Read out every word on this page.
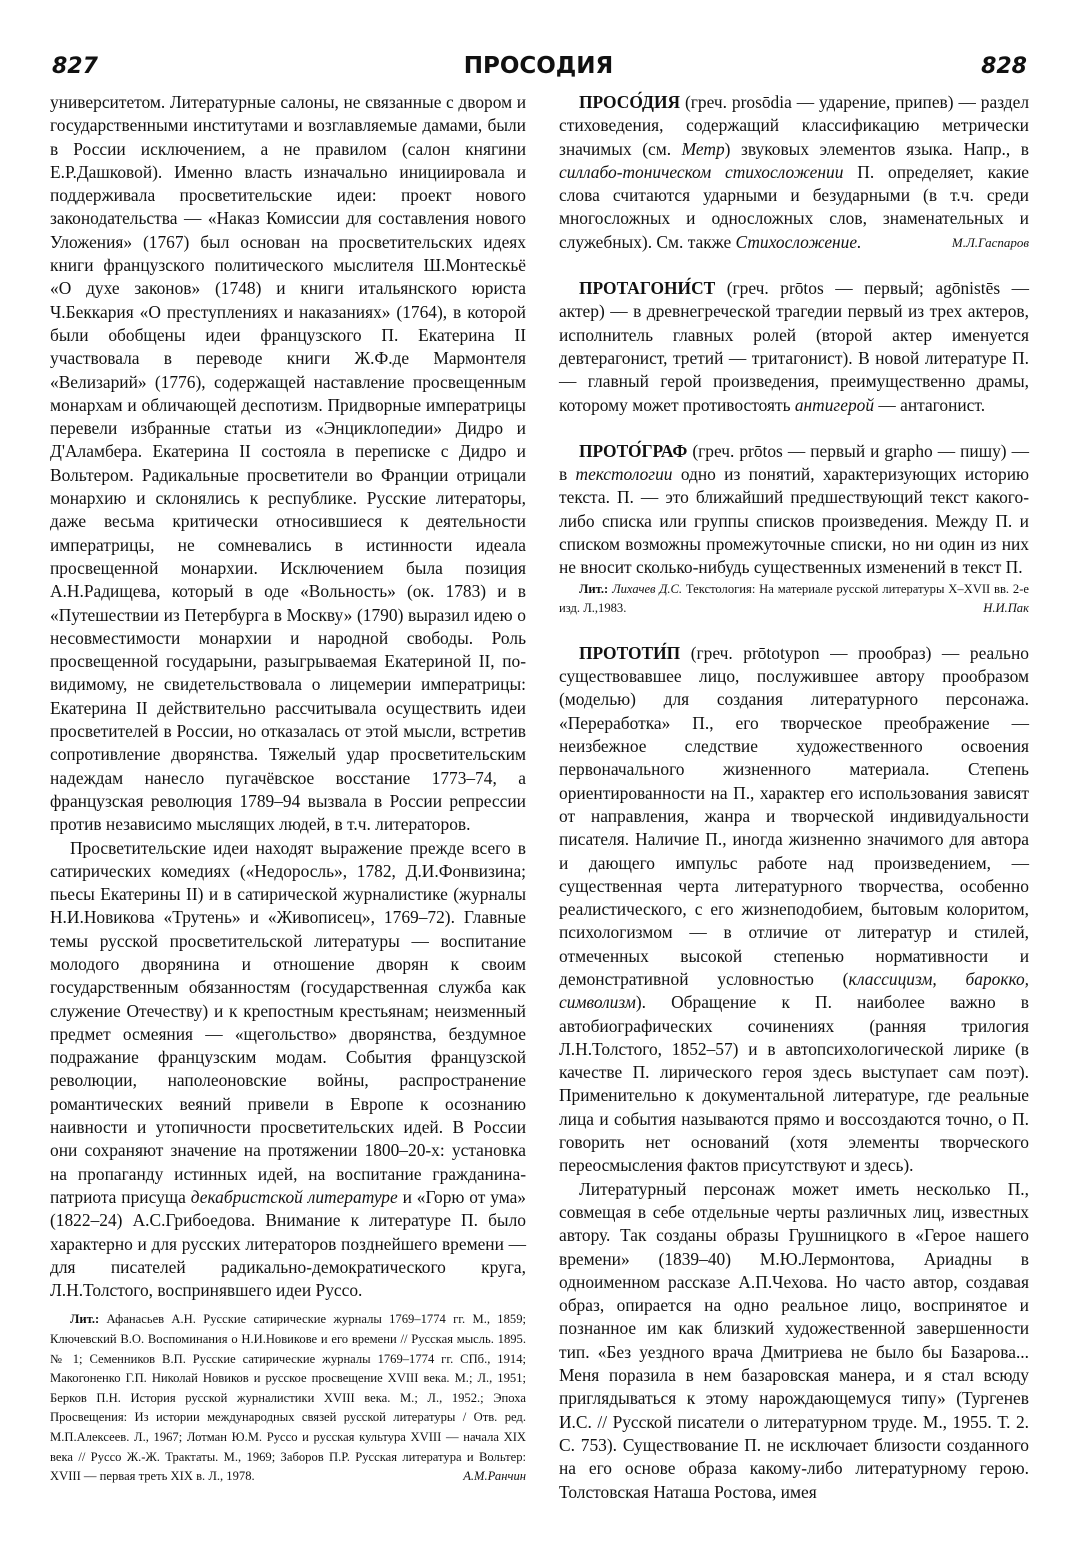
827	ПРОСОДИЯ	828

университетом. Литературные салоны, не связанные с двором и государственными институтами и возглавляемые дамами, были в России исключением, а не правилом (салон княгини Е.Р.Дашковой). Именно власть изначально инициировала и поддерживала просветительские идеи: проект нового законодательства — «Наказ Комиссии для составления нового Уложения» (1767) был основан на просветительских идеях книги французского политического мыслителя Ш.Монтескьё «О духе законов» (1748) и книги итальянского юриста Ч.Беккария «О преступлениях и наказаниях» (1764), в которой были обобщены идеи французского П. Екатерина II участвовала в переводе книги Ж.Ф.де Мармонтеля «Велизарий» (1776), содержащей наставление просвещенным монархам и обличающей деспотизм. Придворные императрицы перевели избранные статьи из «Энциклопедии» Дидро и Д'Аламбера. Екатерина II состояла в переписке с Дидро и Вольтером. Радикальные просветители во Франции отрицали монархию и склонялись к республике. Русские литераторы, даже весьма критически относившиеся к деятельности императрицы, не сомневались в истинности идеала просвещенной монархии. Исключением была позиция А.Н.Радищева, который в оде «Вольность» (ок. 1783) и в «Путешествии из Петербурга в Москву» (1790) выразил идею о несовместимости монархии и народной свободы. Роль просвещенной государыни, разыгрываемая Екатериной II, по-видимому, не свидетельствовала о лицемерии императрицы: Екатерина II действительно рассчитывала осуществить идеи просветителей в России, но отказалась от этой мысли, встретив сопротивление дворянства. Тяжелый удар просветительским надеждам нанесло пугачёвское восстание 1773–74, а французская революция 1789–94 вызвала в России репрессии против независимо мыслящих людей, в т.ч. литераторов.

Просветительские идеи находят выражение прежде всего в сатирических комедиях («Недоросль», 1782, Д.И.Фонвизина; пьесы Екатерины II) и в сатирической журналистике (журналы Н.И.Новикова «Трутень» и «Живописец», 1769–72). Главные темы русской просветительской литературы — воспитание молодого дворянина и отношение дворян к своим государственным обязанностям (государственная служба как служение Отечеству) и к крепостным крестьянам; неизменный предмет осмеяния — «щегольство» дворянства, бездумное подражание французским модам. События французской революции, наполеоновские войны, распространение романтических веяний привели в Европе к осознанию наивности и утопичности просветительских идей. В России они сохраняют значение на протяжении 1800–20-х: установка на пропаганду истинных идей, на воспитание гражданина-патриота присуща декабристской литературе и «Горю от ума» (1822–24) А.С.Грибоедова. Внимание к литературе П. было характерно и для русских литераторов позднейшего времени — для писателей радикально-демократического круга, Л.Н.Толстого, воспринявшего идеи Руссо.

Лит.: Афанасьев А.Н. Русские сатирические журналы 1769–1774 гг. М., 1859; Ключевский В.О. Воспоминания о Н.И.Новикове и его времени // Русская мысль. 1895. № 1; Семенников В.П. Русские сатирические журналы 1769–1774 гг. СПб., 1914; Макогоненко Г.П. Николай Новиков и русское просвещение XVIII века. М.; Л., 1951; Берков П.Н. История русской журналистики XVIII века. М.; Л., 1952.; Эпоха Просвещения: Из истории международных связей русской литературы / Отв. ред. М.П.Алексеев. Л., 1967; Лотман Ю.М. Руссо и русская культура XVIII — начала XIX века // Руссо Ж.-Ж. Трактаты. М., 1969; Заборов П.Р. Русская литература и Вольтер: XVIII — первая треть XIX в. Л., 1978.	А.М.Ранчин

ПРОСО́ДИЯ (греч. prosōdia — ударение, припев) — раздел стиховедения, содержащий классификацию метрически значимых (см. Метр) звуковых элементов языка. Напр., в силлабо-тоническом стихосложении П. определяет, какие слова считаются ударными и безударными (в т.ч. среди многосложных и односложных слов, знаменательных и служебных). См. также Стихосложение.	М.Л.Гаспаров

ПРОТАГОНИ́СТ (греч. prōtos — первый; agōnistēs — актер) — в древнегреческой трагедии первый из трех актеров, исполнитель главных ролей (второй актер именуется девтерагонист, третий — тритагонист). В новой литературе П. — главный герой произведения, преимущественно драмы, которому может противостоять антигерой — антагонист.

ПРОТО́ГРАФ (греч. prōtos — первый и grapho — пишу) — в текстологии одно из понятий, характеризующих историю текста. П. — это ближайший предшествующий текст какого-либо списка или группы списков произведения. Между П. и списком возможны промежуточные списки, но ни один из них не вносит сколько-нибудь существенных изменений в текст П.

Лит.: Лихачев Д.С. Текстология: На материале русской литературы X–XVII вв. 2-е изд. Л.,1983.	Н.И.Пак

ПРОТОТИ́П (греч. prōtotypon — прообраз) — реально существовавшее лицо, послужившее автору прообразом (моделью) для создания литературного персонажа. «Переработка» П., его творческое преображение — неизбежное следствие художественного освоения первоначального жизненного материала. Степень ориентированности на П., характер его использования зависят от направления, жанра и творческой индивидуальности писателя. Наличие П., иногда жизненно значимого для автора и дающего импульс работе над произведением, — существенная черта литературного творчества, особенно реалистического, с его жизнеподобием, бытовым колоритом, психологизмом — в отличие от литератур и стилей, отмеченных высокой степенью нормативности и демонстративной условностью (классицизм, барокко, символизм). Обращение к П. наиболее важно в автобиографических сочинениях (ранняя трилогия Л.Н.Толстого, 1852–57) и в автопсихологической лирике (в качестве П. лирического героя здесь выступает сам поэт). Применительно к документальной литературе, где реальные лица и события называются прямо и воссоздаются точно, о П. говорить нет оснований (хотя элементы творческого переосмысления фактов присутствуют и здесь).

Литературный персонаж может иметь несколько П., совмещая в себе отдельные черты различных лиц, известных автору. Так созданы образы Грушницкого в «Герое нашего времени» (1839–40) М.Ю.Лермонтова, Ариадны в одноименном рассказе А.П.Чехова. Но часто автор, создавая образ, опирается на одно реальное лицо, воспринятое и познанное им как близкий художественной завершенности тип. «Без уездного врача Дмитриева не было бы Базарова... Меня поразила в нем базаровская манера, и я стал всюду приглядываться к этому нарождающемуся типу» (Тургенев И.С. // Русской писатели о литературном труде. М., 1955. Т. 2. С. 753). Существование П. не исключает близости созданного на его основе образа какому-либо литературному герою. Толстовская Наташа Ростова, имея
